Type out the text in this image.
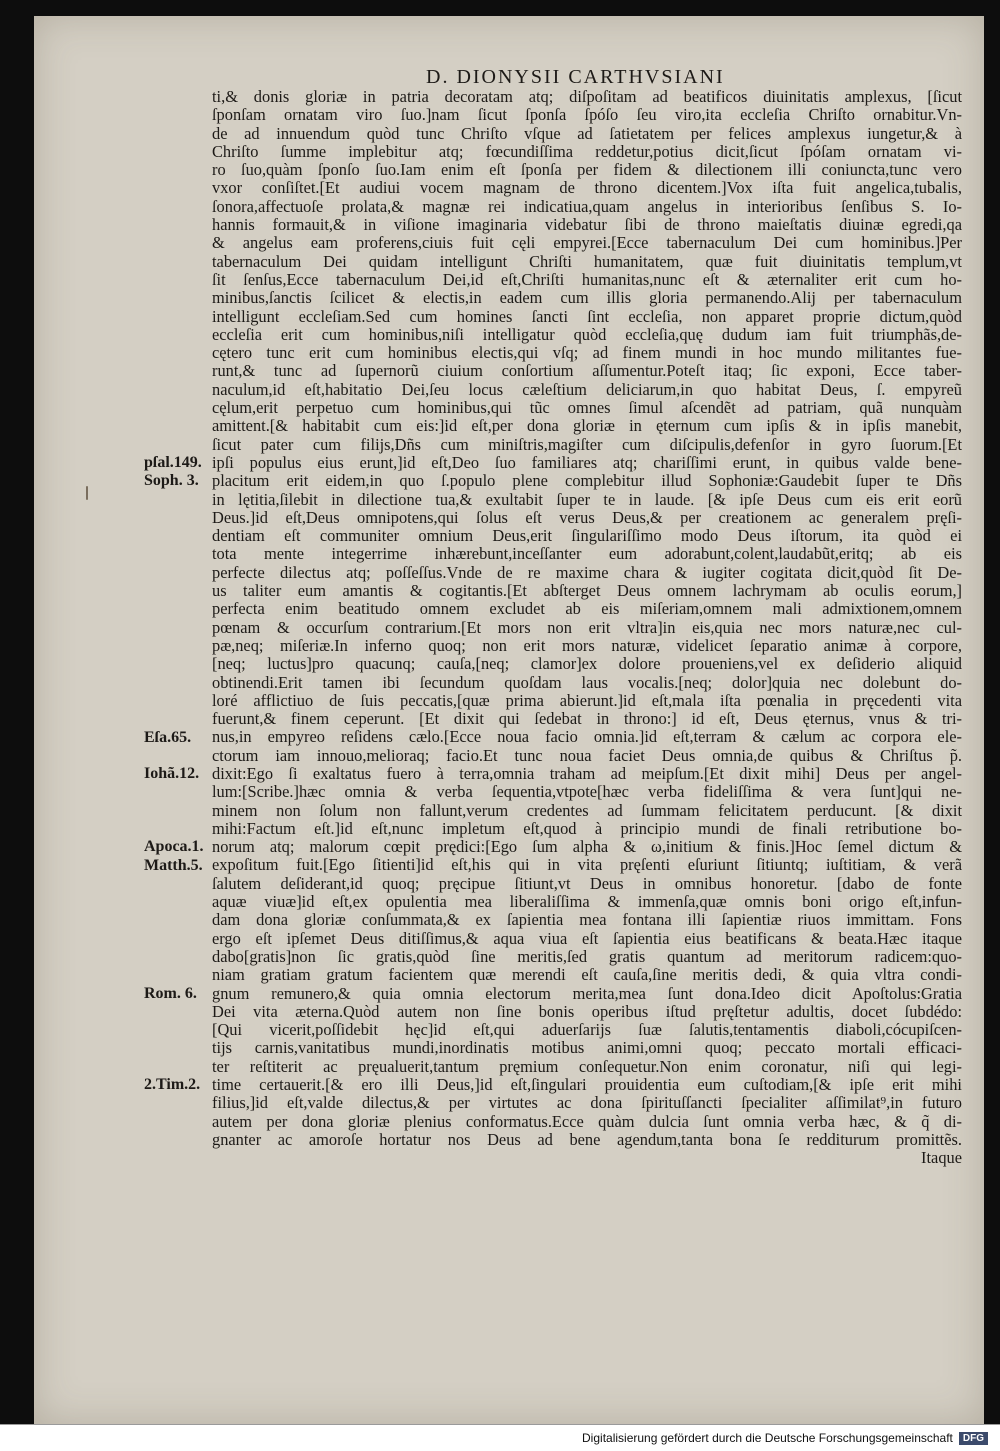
D. DIONYSII CARTHVSIANI
ti,& donis gloriæ in patria decoratam atq; diſpoſitam ad beatificos diuinitatis amplexus, [ſicut
ſponſam ornatam viro ſuo.]nam ſicut ſponſa ſpóſo ſeu viro,ita eccleſia Chriſto ornabitur.Vn-
de ad innuendum quòd tunc Chriſto vſque ad ſatietatem per felices amplexus iungetur,& à
Chriſto ſumme implebitur atq; fœcundiſſima reddetur,potius dicit,ſicut ſpóſam ornatam vi-
ro ſuo,quàm ſponſo ſuo.Iam enim eſt ſponſa per fidem & dilectionem illi coniuncta,tunc vero
vxor conſiſtet.[Et audiui vocem magnam de throno dicentem.]Vox iſta fuit angelica,tubalis,
ſonora,affectuoſe prolata,& magnæ rei indicatiua,quam angelus in interioribus ſenſibus S. Io-
hannis formauit,& in viſione imaginaria videbatur ſibi de throno maieſtatis diuinæ egredi,qa
& angelus eam proferens,ciuis fuit cęli empyrei.[Ecce tabernaculum Dei cum hominibus.]Per
tabernaculum Dei quidam intelligunt Chriſti humanitatem, quæ fuit diuinitatis templum,vt
ſit ſenſus,Ecce tabernaculum Dei,id eſt,Chriſti humanitas,nunc eſt & æternaliter erit cum ho-
minibus,ſanctis ſcilicet & electis,in eadem cum illis gloria permanendo.Alij per tabernaculum
intelligunt eccleſiam.Sed cum homines ſancti ſint eccleſia, non apparet proprie dictum,quòd
eccleſia erit cum hominibus,niſi intelligatur quòd eccleſia,quę dudum iam fuit triumphãs,de-
cętero tunc erit cum hominibus electis,qui vſq; ad finem mundi in hoc mundo militantes fue-
runt,& tunc ad ſupernorũ ciuium conſortium aſſumentur.Poteſt itaq; ſic exponi, Ecce taber-
naculum,id eſt,habitatio Dei,ſeu locus cæleſtium deliciarum,in quo habitat Deus, ſ. empyreũ
cęlum,erit perpetuo cum hominibus,qui tũc omnes ſimul aſcendẽt ad patriam, quã nunquàm
amittent.[& habitabit cum eis:]id eſt,per dona gloriæ in ęternum cum ipſis & in ipſis manebit,
ſicut pater cum filijs,Dñs cum miniſtris,magiſter cum diſcipulis,defenſor in gyro ſuorum.[Et
ipſi populus eius erunt,]id eſt,Deo ſuo familiares atq; chariſſimi erunt, in quibus valde bene-
placitum erit eidem,in quo ſ.populo plene complebitur illud Sophoniæ:Gaudebit ſuper te Dñs
in lętitia,ſilebit in dilectione tua,& exultabit ſuper te in laude. [& ipſe Deus cum eis erit eorũ
Deus.]id eſt,Deus omnipotens,qui ſolus eſt verus Deus,& per creationem ac generalem pręſi-
dentiam eſt communiter omnium Deus,erit ſingulariſſimo modo Deus iſtorum, ita quòd ei
tota mente integerrime inhærebunt,inceſſanter eum adorabunt,colent,laudabũt,eritq; ab eis
perfecte dilectus atq; poſſeſſus.Vnde de re maxime chara & iugiter cogitata dicit,quòd ſit De-
us taliter eum amantis & cogitantis.[Et abſterget Deus omnem lachrymam ab oculis eorum,]
perfecta enim beatitudo omnem excludet ab eis miſeriam,omnem mali admixtionem,omnem
pœnam & occurſum contrarium.[Et mors non erit vltra]in eis,quia nec mors naturæ,nec cul-
pæ,neq; miſeriæ.In inferno quoq; non erit mors naturæ, videlicet ſeparatio animæ à corpore,
[neq; luctus]pro quacunq; cauſa,[neq; clamor]ex dolore proueniens,vel ex deſiderio aliquid
obtinendi.Erit tamen ibi ſecundum quoſdam laus vocalis.[neq; dolor]quia nec dolebunt do-
loré afflictiuo de ſuis peccatis,[quæ prima abierunt.]id eſt,mala iſta pœnalia in pręcedenti vita
fuerunt,& finem ceperunt. [Et dixit qui ſedebat in throno:] id eſt, Deus ęternus, vnus & tri-
nus,in empyreo reſidens cælo.[Ecce noua facio omnia.]id eſt,terram & cælum ac corpora ele-
ctorum iam innouo,melioraq; facio.Et tunc noua faciet Deus omnia,de quibus & Chriſtus p̃.
dixit:Ego ſi exaltatus fuero à terra,omnia traham ad meipſum.[Et dixit mihi] Deus per angel-
lum:[Scribe.]hæc omnia & verba ſequentia,vtpote[hæc verba fideliſſima & vera ſunt]qui ne-
minem non ſolum non fallunt,verum credentes ad ſummam felicitatem perducunt. [& dixit
mihi:Factum eſt.]id eſt,nunc impletum eſt,quod à principio mundi de finali retributione bo-
norum atq; malorum cœpit prędici:[Ego ſum alpha & ω,initium & finis.]Hoc ſemel dictum &
expoſitum fuit.[Ego ſitienti]id eſt,his qui in vita pręſenti eſuriunt ſitiuntq; iuſtitiam, & verã
ſalutem deſiderant,id quoq; pręcipue ſitiunt,vt Deus in omnibus honoretur. [dabo de fonte
aquæ viuæ]id eſt,ex opulentia mea liberaliſſima & immenſa,quæ omnis boni origo eſt,infun-
dam dona gloriæ conſummata,& ex ſapientia mea fontana illi ſapientiæ riuos immittam. Fons
ergo eſt ipſemet Deus ditiſſimus,& aqua viua eſt ſapientia eius beatificans & beata.Hæc itaque
dabo[gratis]non ſic gratis,quòd ſine meritis,ſed gratis quantum ad meritorum radicem:quo-
niam gratiam gratum facientem quæ merendi eſt cauſa,ſine meritis dedi, & quia vltra condi-
gnum remunero,& quia omnia electorum merita,mea ſunt dona.Ideo dicit Apoſtolus:Gratia
Dei vita æterna.Quòd autem non ſine bonis operibus iſtud pręſtetur adultis, docet ſubdédo:
[Qui vicerit,poſſidebit hęc]id eſt,qui aduerſarijs ſuæ ſalutis,tentamentis diaboli,cócupiſcen-
tijs carnis,vanitatibus mundi,inordinatis motibus animi,omni quoq; peccato mortali efficaci-
ter reſtiterit ac pręualuerit,tantum pręmium conſequetur.Non enim coronatur, niſi qui legi-
time certauerit.[& ero illi Deus,]id eſt,ſingulari prouidentia eum cuſtodiam,[& ipſe erit mihi
filius,]id eſt,valde dilectus,& per virtutes ac dona ſpirituſſancti ſpecialiter aſſimilat⁹,in futuro
autem per dona gloriæ plenius conformatus.Ecce quàm dulcia ſunt omnia verba hæc, & q̃ di-
gnanter ac amoroſe hortatur nos Deus ad bene agendum,tanta bona ſe redditurum promittẽs.
Itaque
pſal.149.
Soph. 3.
Eſa.65.
Iohã.12.
Apoca.1.
Matth.5.
Rom. 6.
2.Tim.2.
Digitalisierung gefördert durch die Deutsche Forschungsgemeinschaft	DFG
